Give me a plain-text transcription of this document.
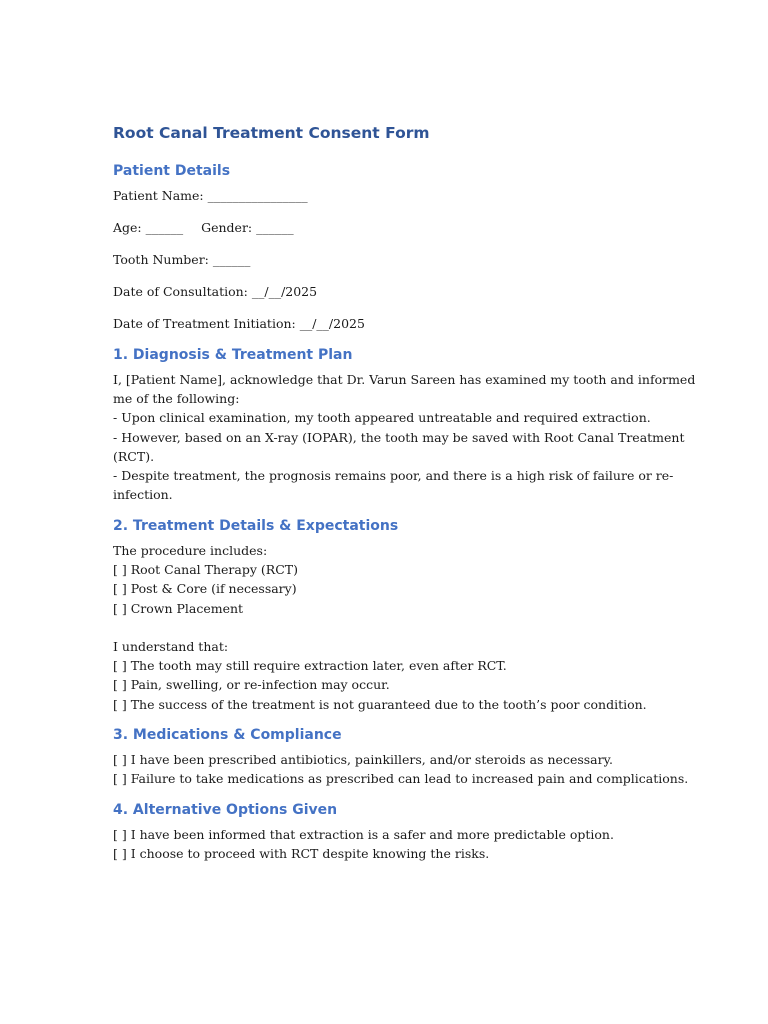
Root Canal Treatment Consent Form
Patient Details

Patient Name: ________________

Age: ______ Gender: ______

Tooth Number: ______

Date of Consultation: __/__/2025

Date of Treatment Initiation: __/__/2025

1. Diagnosis & Treatment Plan

I, [Patient Name], acknowledge that Dr. Varun Sareen has examined my tooth and informed

me of the following:

- Upon clinical examination, my tooth appeared untreatable and required extraction.

- However, based on an X-ray (IOPAR), the tooth may be saved with Root Canal Treatment

(RCT).

- Despite treatment, the prognosis remains poor, and there is a high risk of failure or re-

infection.

2. Treatment Details & Expectations

The procedure includes:

[ ] Root Canal Therapy (RCT)

[ ] Post & Core (if necessary)

[ ] Crown Placement

I understand that:

[ ] The tooth may still require extraction later, even after RCT.

[ ] Pain, swelling, or re-infection may occur.

[ ] The success of the treatment is not guaranteed due to the tooth’s poor condition.

3. Medications & Compliance

[ ] I have been prescribed antibiotics, painkillers, and/or steroids as necessary.

[ ] Failure to take medications as prescribed can lead to increased pain and complications.

4. Alternative Options Given

[ ] I have been informed that extraction is a safer and more predictable option.

[ ] I choose to proceed with RCT despite knowing the risks.
